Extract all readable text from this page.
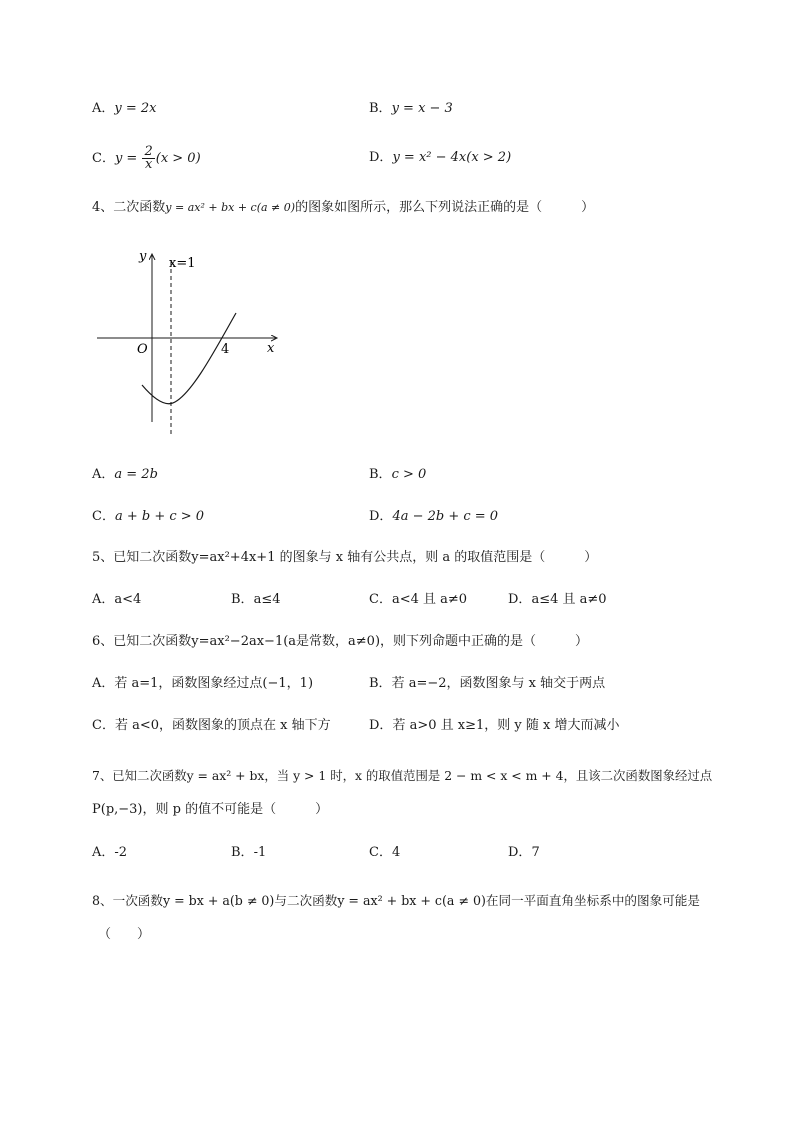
A．y = 2x	B．y = x − 3
C．$y = \frac{2}{x} (x > 0)$	D．y = x² − 4x(x > 2)
4、二次函数y = ax² + bx + c(a ≠ 0)的图象如图所示，那么下列说法正确的是（　　　）
y
x
O
x=1
4
A．a = 2b	B．c > 0
C．a + b + c > 0	D．4a − 2b + c = 0
5、已知二次函数y=ax²+4x+1 的图象与 x 轴有公共点，则 a 的取值范围是（　　　）
A．a<4	B．a≤4	C．a<4 且 a≠0	D．a≤4 且 a≠0
6、已知二次函数y=ax²−2ax−1(a是常数，a≠0)，则下列命题中正确的是（　　　）
A．若 a=1，函数图象经过点(−1，1)	B．若 a=−2，函数图象与 x 轴交于两点
C．若 a<0，函数图象的顶点在 x 轴下方	D．若 a>0 且 x≥1，则 y 随 x 增大而减小
7、已知二次函数y = ax² + bx，当 y > 1 时，x 的取值范围是 2 − m < x < m + 4，且该二次函数图象经过点
P(p,−3)，则 p 的值不可能是（　　　）
A．-2	B．-1	C．4	D．7
8、一次函数y = bx + a(b ≠ 0)与二次函数y = ax² + bx + c(a ≠ 0)在同一平面直角坐标系中的图象可能是
（　　）
